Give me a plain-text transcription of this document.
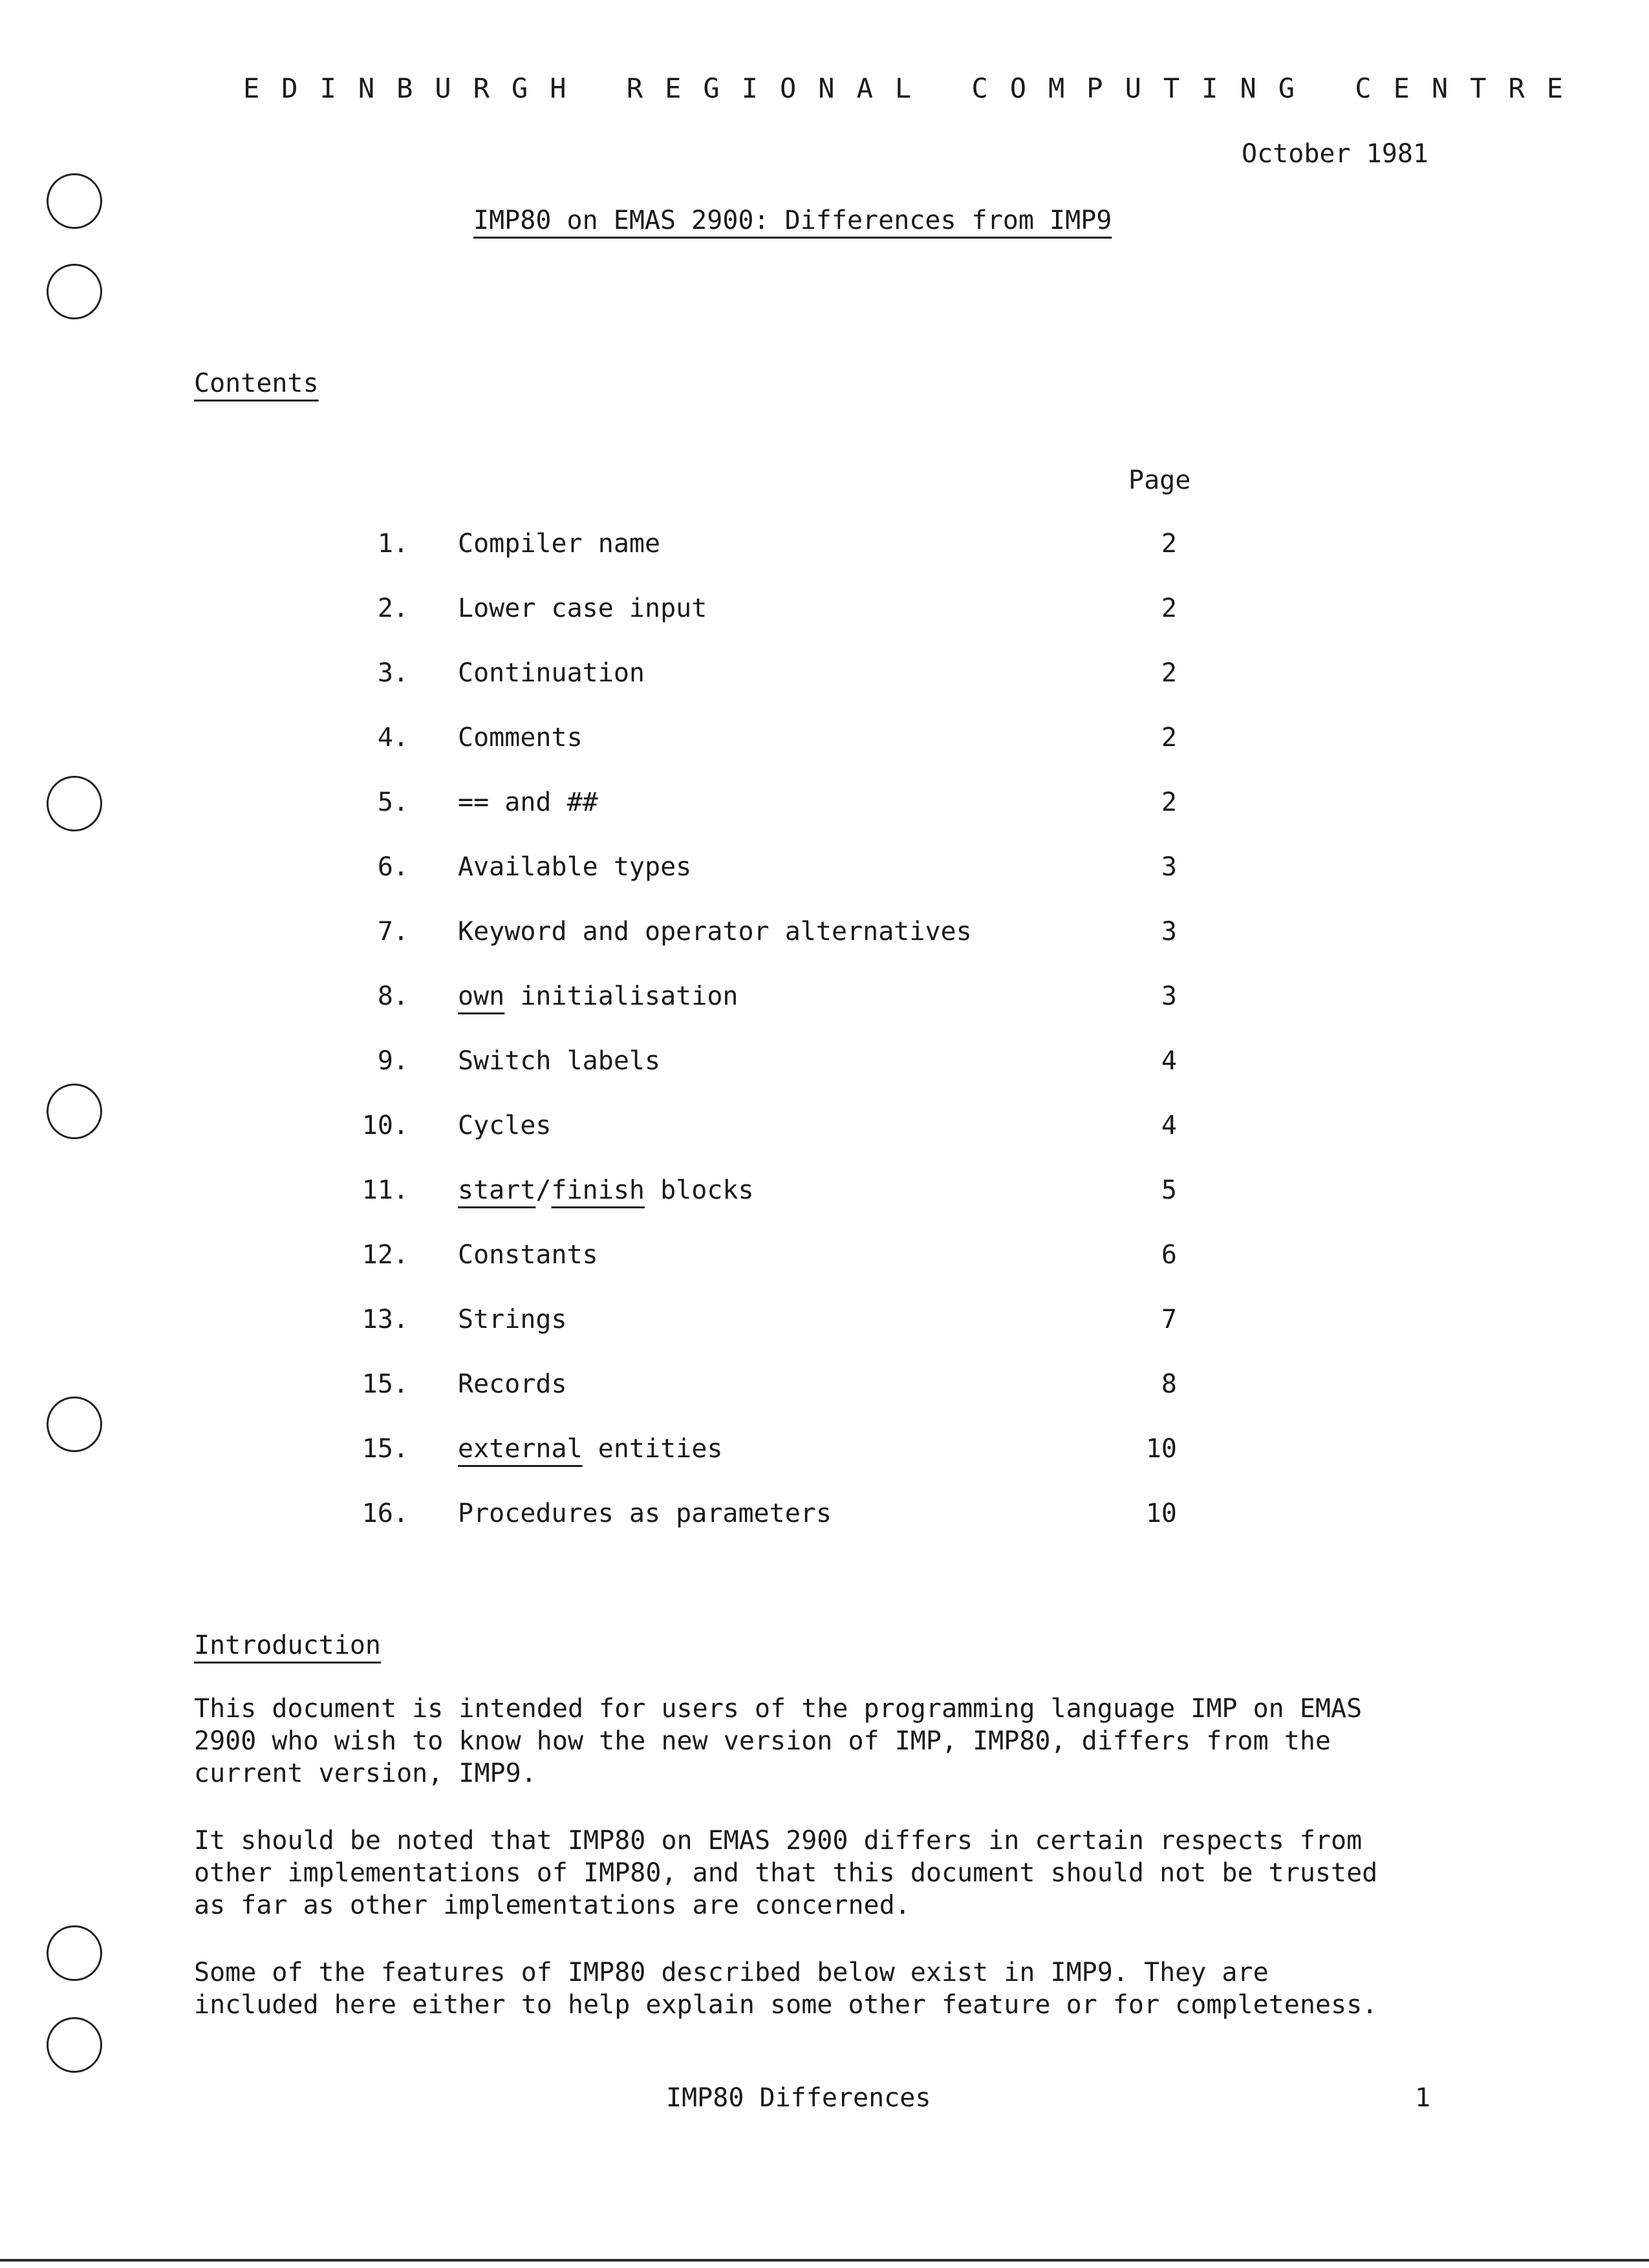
EDINBURGH REGIONAL COMPUTING CENTRE
October 1981
IMP80 on EMAS 2900: Differences from IMP9
Contents
Page
1. Compiler name	2
2. Lower case input	2
3. Continuation	2
4. Comments	2
5. == and ##	2
6. Available types	3
7. Keyword and operator alternatives	3
8. own initialisation	3
9. Switch labels	4
10. Cycles	4
11. start/finish blocks	5
12. Constants	6
13. Strings	7
15. Records	8
15. external entities	10
16. Procedures as parameters	10
Introduction
This document is intended for users of the programming language IMP on EMAS
2900 who wish to know how the new version of IMP, IMP80, differs from the
current version, IMP9.
It should be noted that IMP80 on EMAS 2900 differs in certain respects from
other implementations of IMP80, and that this document should not be trusted
as far as other implementations are concerned.
Some of the features of IMP80 described below exist in IMP9. They are
included here either to help explain some other feature or for completeness.
IMP80 Differences	1
